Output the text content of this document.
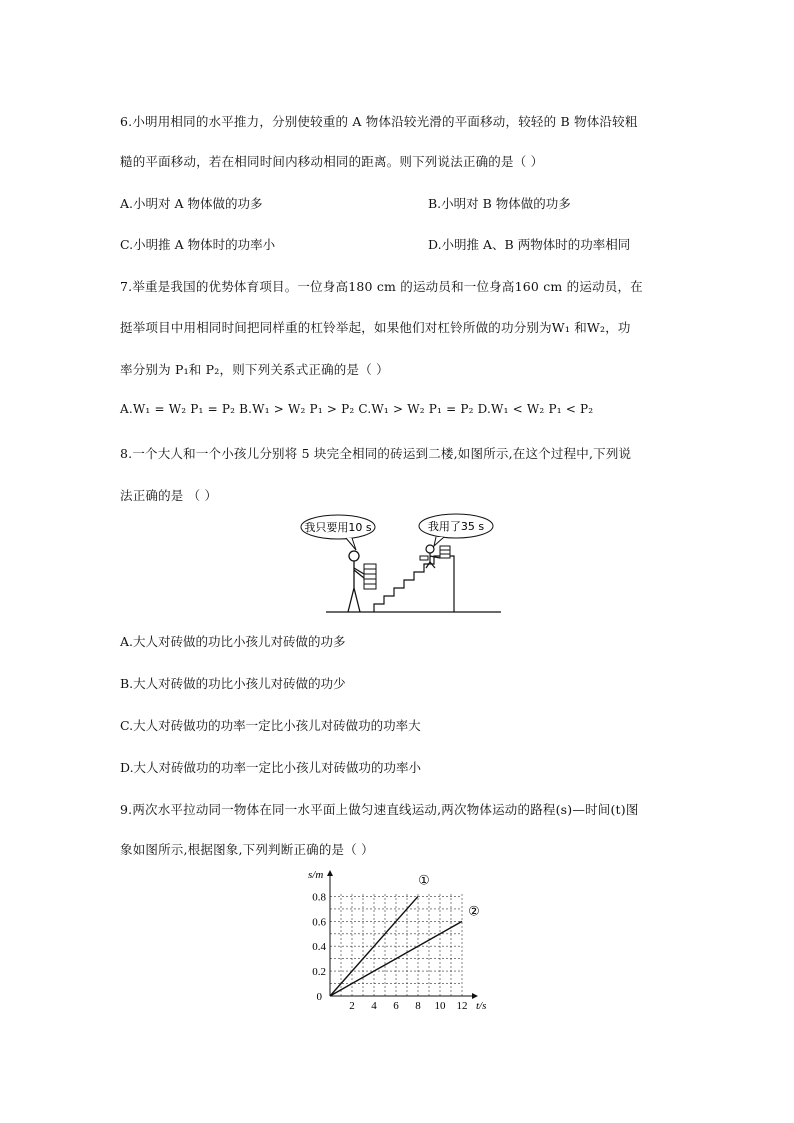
6.小明用相同的水平推力，分别使较重的 A 物体沿较光滑的平面移动，较轻的 B 物体沿较粗
糙的平面移动，若在相同时间内移动相同的距离。则下列说法正确的是（ ）
A.小明对 A 物体做的功多	B.小明对 B 物体做的功多
C.小明推 A 物体时的功率小	D.小明推 A、B 两物体时的功率相同
7.举重是我国的优势体育项目。一位身高180 cm 的运动员和一位身高160 cm 的运动员，在
挺举项目中用相同时间把同样重的杠铃举起，如果他们对杠铃所做的功分别为W₁ 和W₂，功
率分别为 P₁和 P₂，则下列关系式正确的是（ ）
A.W₁ = W₂ P₁ = P₂ B.W₁ > W₂ P₁ > P₂ C.W₁ > W₂ P₁ = P₂ D.W₁ < W₂ P₁ < P₂
8.一个大人和一个小孩儿分别将 5 块完全相同的砖运到二楼,如图所示,在这个过程中,下列说
法正确的是 （ ）
我只要用10 s	我用了35 s
A.大人对砖做的功比小孩儿对砖做的功多
B.大人对砖做的功比小孩儿对砖做的功少
C.大人对砖做功的功率一定比小孩儿对砖做功的功率大
D.大人对砖做功的功率一定比小孩儿对砖做功的功率小
9.两次水平拉动同一物体在同一水平面上做匀速直线运动,两次物体运动的路程(s)—时间(t)图
象如图所示,根据图象,下列判断正确的是（ ）
2 4 6 8 10 12
0.2
0.4
0.6
0.8
0
t/s
s/m	①
②
